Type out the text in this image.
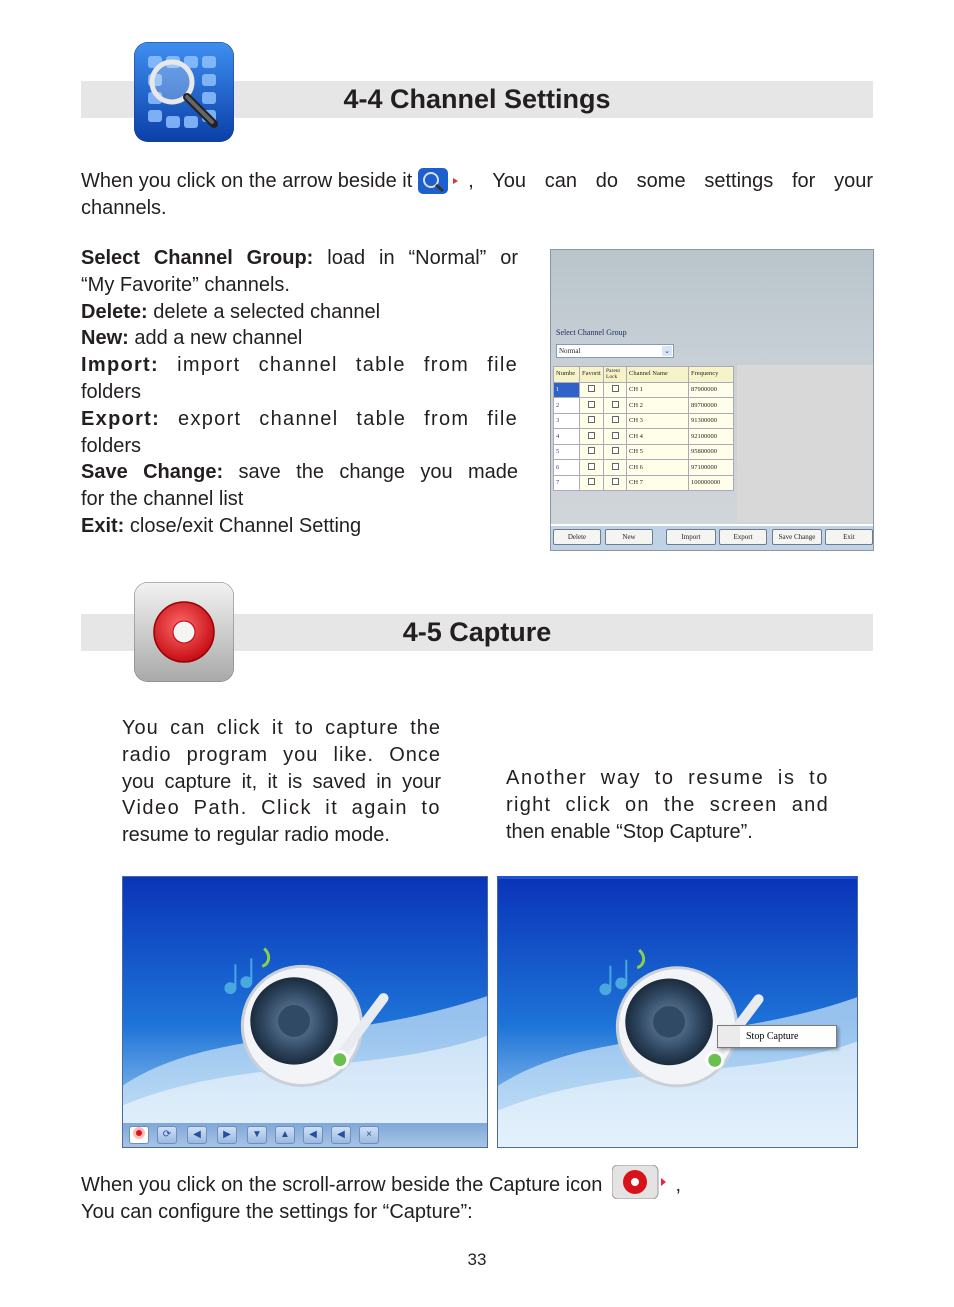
4-4 Channel Settings
When you click on the arrow beside it	, You can do some settings for your
channels.
Select Channel Group: load in “Normal” or
“My Favorite” channels.
Delete: delete a selected channel
New: add a new channel
Import: import channel table from file
folders
Export: export channel table from file
folders
Save Change: save the change you made
for the channel list
Exit: close/exit Channel Setting
Select Channel Group
Normal	⌄
Numbe	Favorit	Parent Lock	Channel Name	Frequency
1			CH 1	87900000
2			CH 2	89700000
3			CH 3	91300000
4			CH 4	92100000
5			CH 5	95800000
6			CH 6	97100000
7			CH 7	100000000
Delete	New	Import	Export	Save Change	Exit
4-5 Capture
You can click it to capture the
radio program you like. Once
you capture it, it is saved in your
Video Path. Click it again to
resume to regular radio mode.
Another way to resume is to
right click on the screen and
then enable “Stop Capture”.
⟳	◀	▶	▼	▲	◀	◀	×
Stop Capture
When you click on the scroll-arrow beside the Capture icon	,
You can configure the settings for “Capture”:
33
